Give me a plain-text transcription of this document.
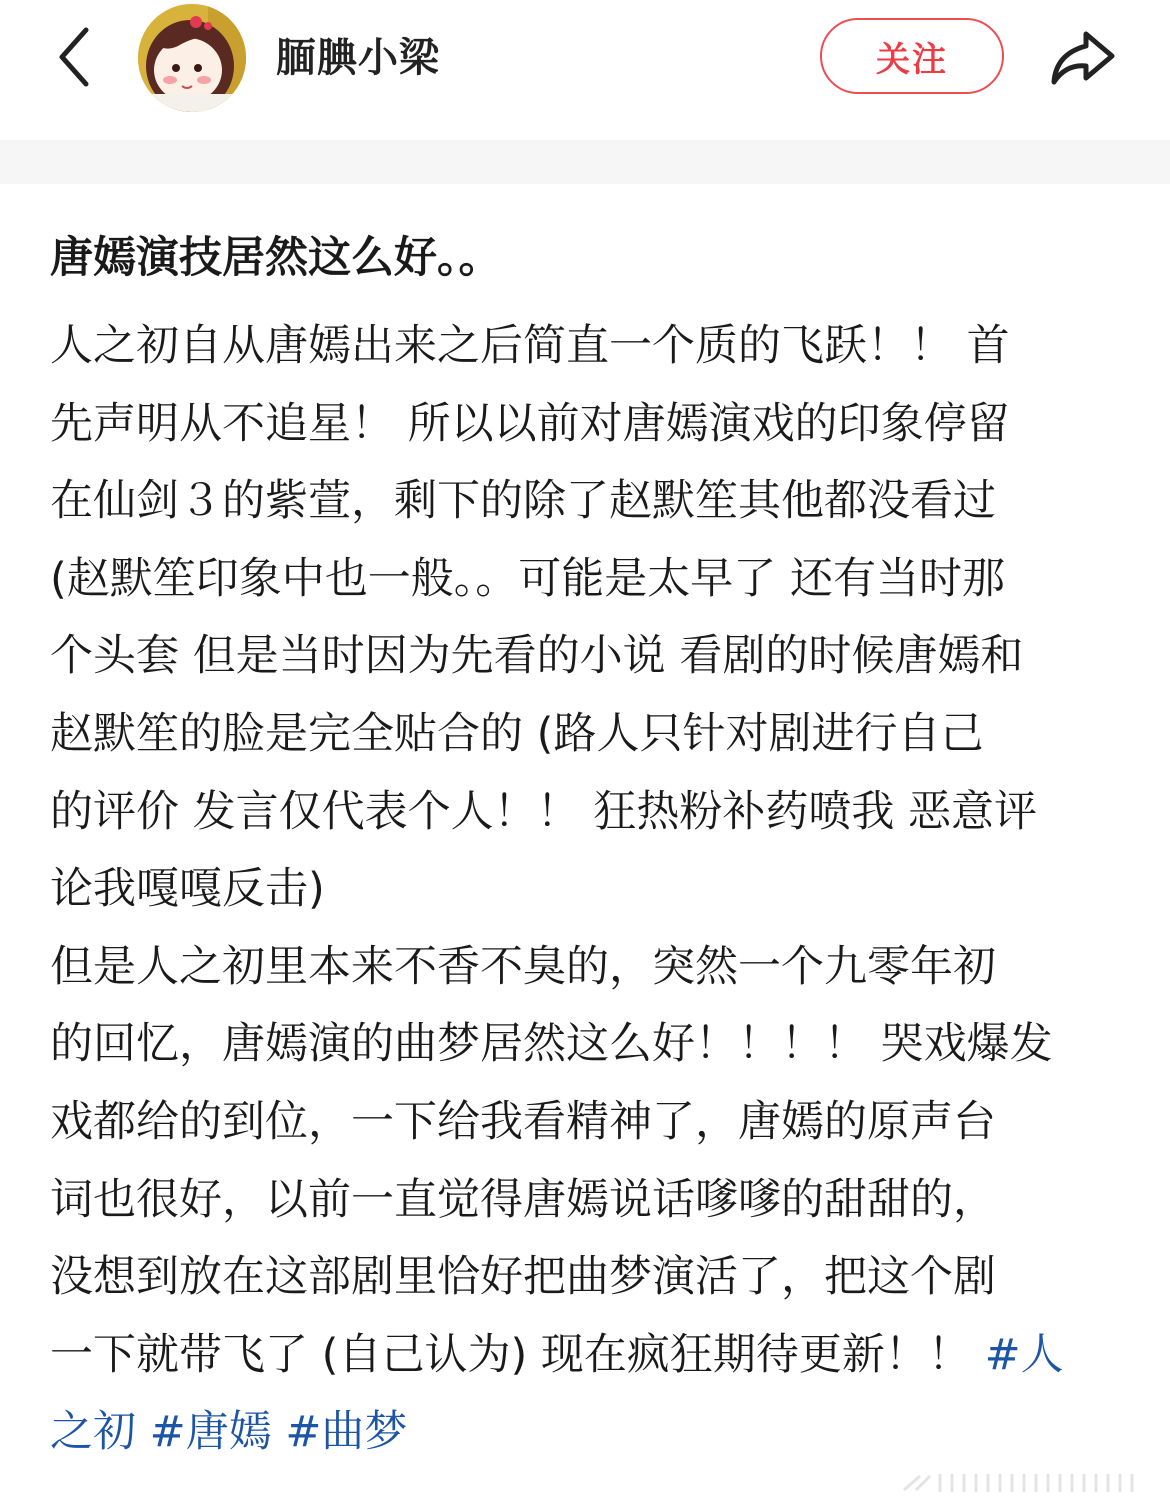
腼腆小梁	关注
唐嫣演技居然这么好。。
人之初自从唐嫣出来之后简直一个质的飞跃！！ 首
先声明从不追星！ 所以以前对唐嫣演戏的印象停留
在仙剑３的紫萱，剩下的除了赵默笙其他都没看过
(赵默笙印象中也一般。。可能是太早了 还有当时那
个头套 但是当时因为先看的小说 看剧的时候唐嫣和
赵默笙的脸是完全贴合的 (路人只针对剧进行自己
的评价 发言仅代表个人！！ 狂热粉补药喷我 恶意评
论我嘎嘎反击)
但是人之初里本来不香不臭的，突然一个九零年初
的回忆，唐嫣演的曲梦居然这么好！！！！ 哭戏爆发
戏都给的到位，一下给我看精神了，唐嫣的原声台
词也很好，以前一直觉得唐嫣说话嗲嗲的甜甜的，
没想到放在这部剧里恰好把曲梦演活了，把这个剧
一下就带飞了 (自己认为) 现在疯狂期待更新！！ #人
之初 #唐嫣 #曲梦
